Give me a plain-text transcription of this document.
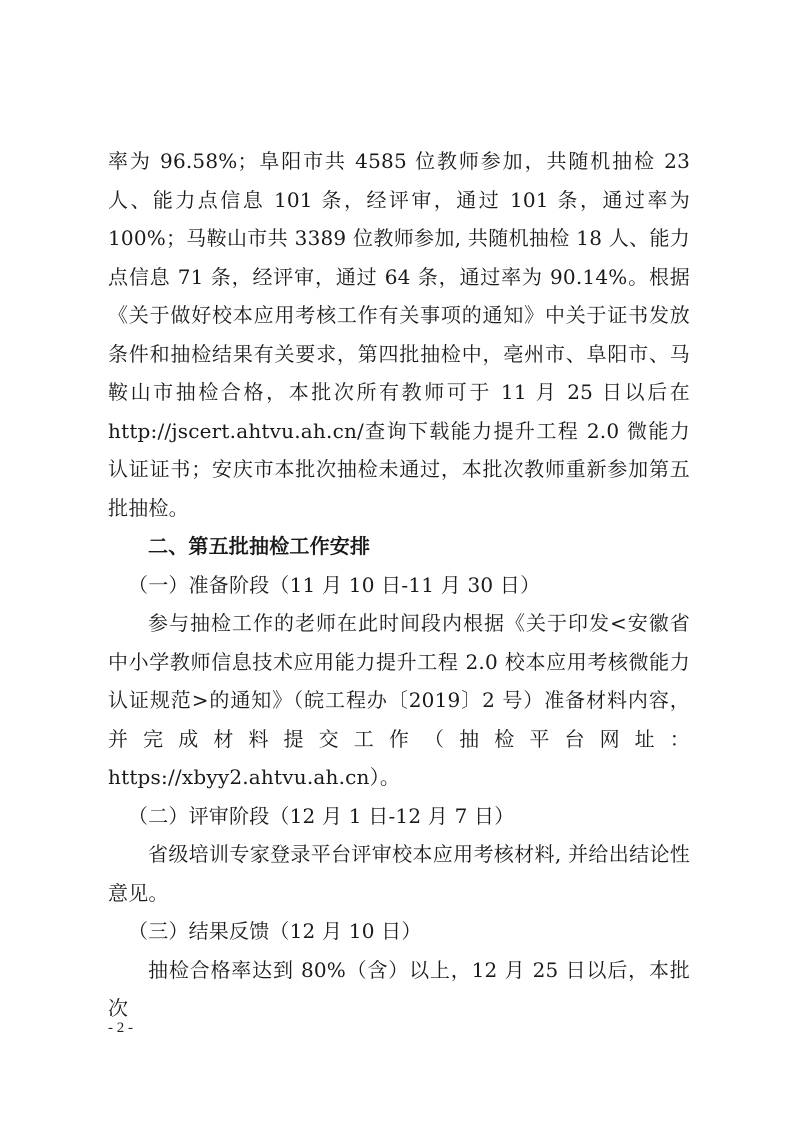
率为 96.58%；阜阳市共 4585 位教师参加，共随机抽检 23 人、能力点信息 101 条，经评审，通过 101 条，通过率为 100%；马鞍山市共 3389 位教师参加, 共随机抽检 18 人、能力点信息 71 条，经评审，通过 64 条，通过率为 90.14%。根据《关于做好校本应用考核工作有关事项的通知》中关于证书发放条件和抽检结果有关要求，第四批抽检中，亳州市、阜阳市、马鞍山市抽检合格，本批次所有教师可于 11 月 25 日以后在 http://jscert.ahtvu.ah.cn/查询下载能力提升工程 2.0 微能力认证证书；安庆市本批次抽检未通过，本批次教师重新参加第五批抽检。

二、第五批抽检工作安排

（一）准备阶段（11 月 10 日-11 月 30 日）

参与抽检工作的老师在此时间段内根据《关于印发<安徽省中小学教师信息技术应用能力提升工程 2.0 校本应用考核微能力认证规范>的通知》（皖工程办〔2019〕2 号）准备材料内容，并完成材料提交工作（抽检平台网址：https://xbyy2.ahtvu.ah.cn）。

（二）评审阶段（12 月 1 日-12 月 7 日）

省级培训专家登录平台评审校本应用考核材料, 并给出结论性意见。

（三）结果反馈（12 月 10 日）

抽检合格率达到 80%（含）以上，12 月 25 日以后，本批次

- 2 -
